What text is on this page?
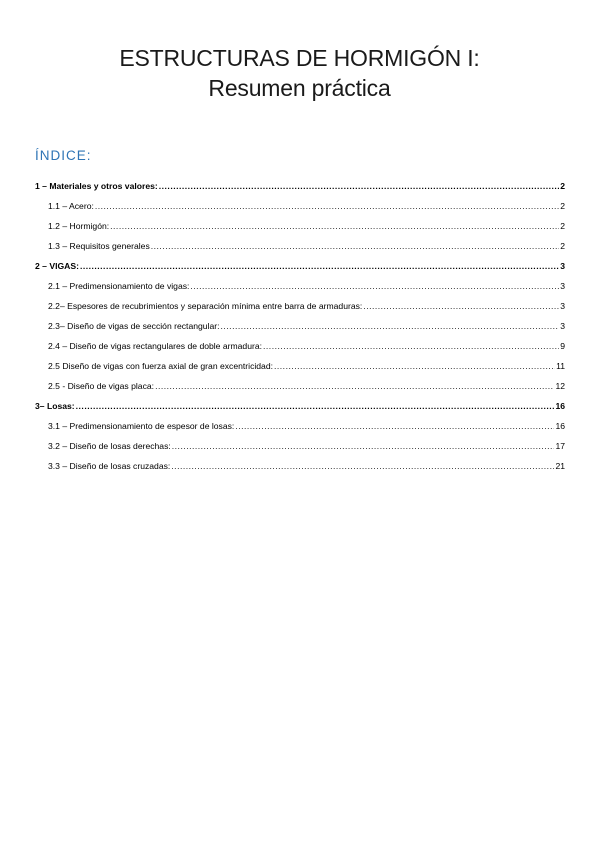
ESTRUCTURAS DE HORMIGÓN I:
Resumen práctica
ÍNDICE:
1 – Materiales y otros valores: .....	2
1.1 – Acero: .....	2
1.2 – Hormigón: .....	2
1.3 – Requisitos generales .....	2
2 – VIGAS: .....	3
2.1 – Predimensionamiento de vigas: .....	3
2.2– Espesores de recubrimientos y separación mínima entre barra de armaduras: .....	3
2.3– Diseño de vigas de sección rectangular: .....	3
2.4 – Diseño de vigas rectangulares de doble armadura: .....	9
2.5 Diseño de vigas con fuerza axial de gran excentricidad: .....	11
2.5 - Diseño de vigas placa: .....	12
3– Losas: .....	16
3.1 – Predimensionamiento de espesor de losas: .....	16
3.2 – Diseño de losas derechas: .....	17
3.3 – Diseño de losas cruzadas: .....	21
